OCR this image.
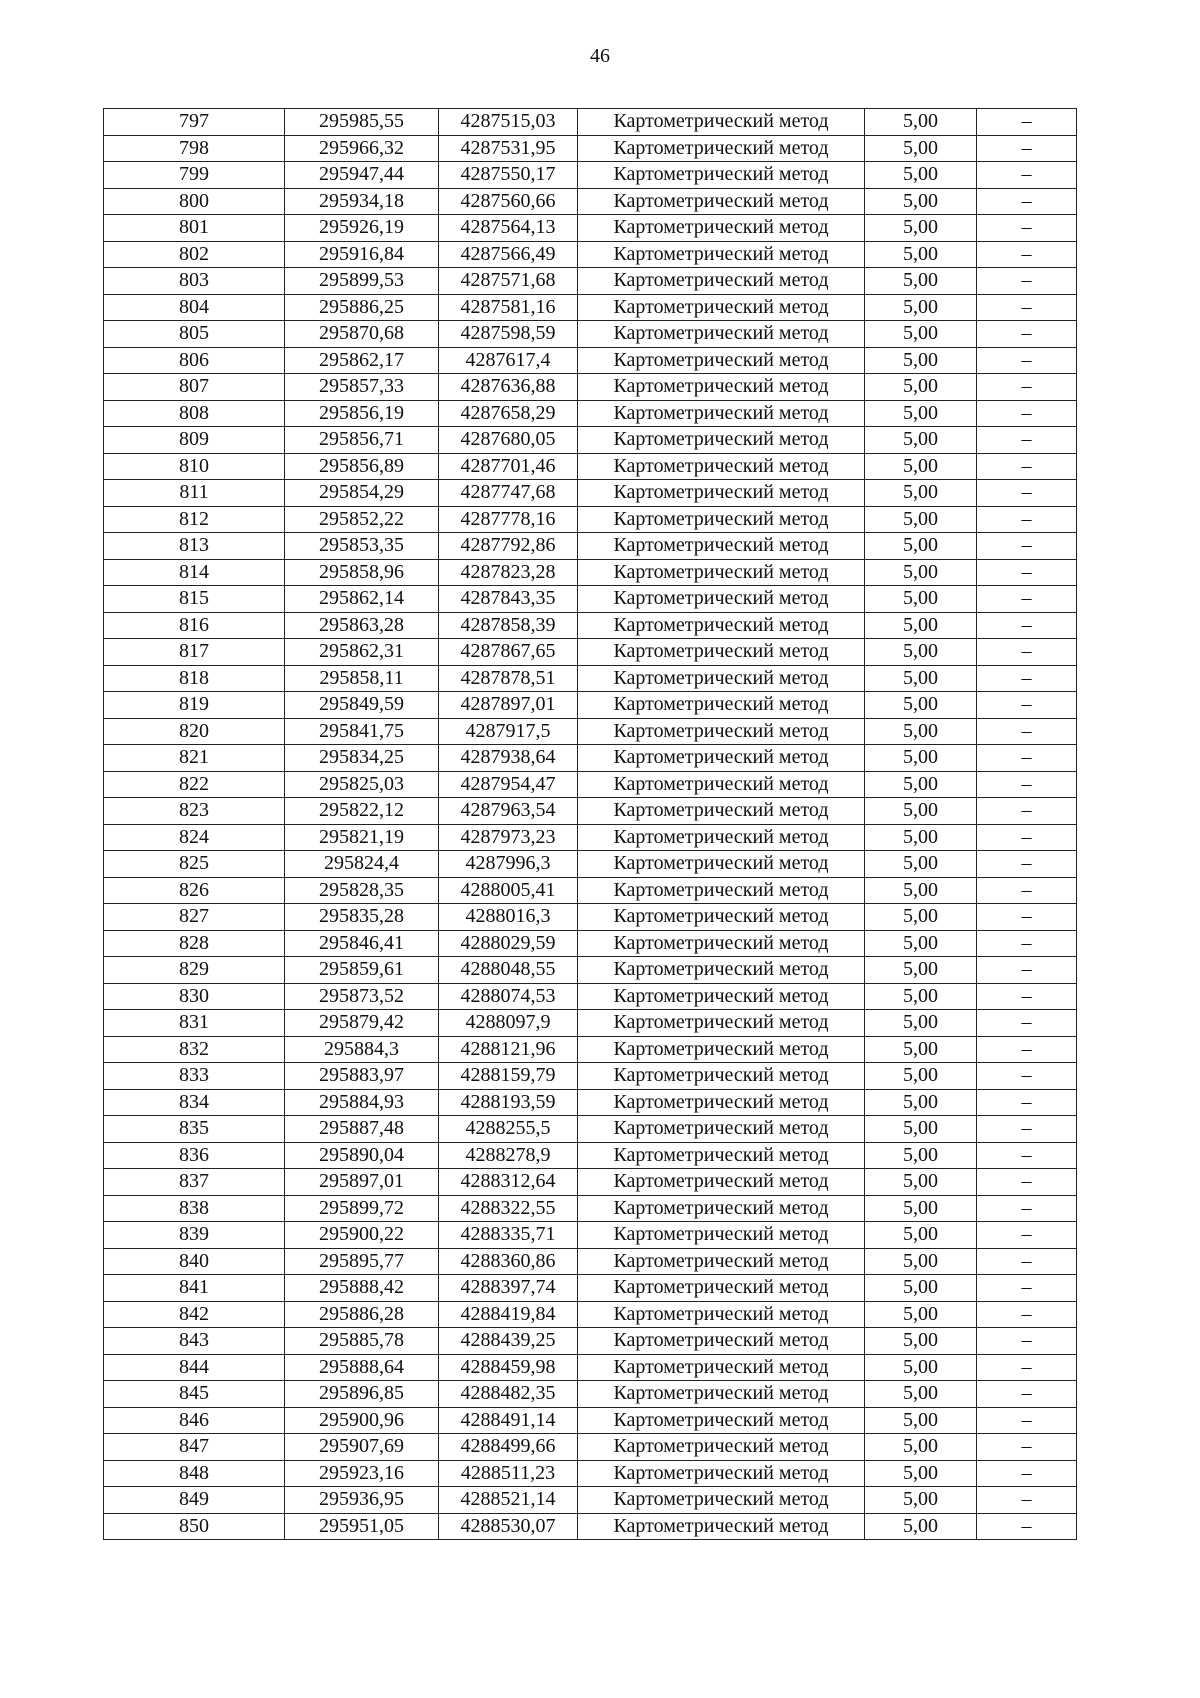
46
797	295985,55	4287515,03	Картометрический метод	5,00	–
798	295966,32	4287531,95	Картометрический метод	5,00	–
799	295947,44	4287550,17	Картометрический метод	5,00	–
800	295934,18	4287560,66	Картометрический метод	5,00	–
801	295926,19	4287564,13	Картометрический метод	5,00	–
802	295916,84	4287566,49	Картометрический метод	5,00	–
803	295899,53	4287571,68	Картометрический метод	5,00	–
804	295886,25	4287581,16	Картометрический метод	5,00	–
805	295870,68	4287598,59	Картометрический метод	5,00	–
806	295862,17	4287617,4	Картометрический метод	5,00	–
807	295857,33	4287636,88	Картометрический метод	5,00	–
808	295856,19	4287658,29	Картометрический метод	5,00	–
809	295856,71	4287680,05	Картометрический метод	5,00	–
810	295856,89	4287701,46	Картометрический метод	5,00	–
811	295854,29	4287747,68	Картометрический метод	5,00	–
812	295852,22	4287778,16	Картометрический метод	5,00	–
813	295853,35	4287792,86	Картометрический метод	5,00	–
814	295858,96	4287823,28	Картометрический метод	5,00	–
815	295862,14	4287843,35	Картометрический метод	5,00	–
816	295863,28	4287858,39	Картометрический метод	5,00	–
817	295862,31	4287867,65	Картометрический метод	5,00	–
818	295858,11	4287878,51	Картометрический метод	5,00	–
819	295849,59	4287897,01	Картометрический метод	5,00	–
820	295841,75	4287917,5	Картометрический метод	5,00	–
821	295834,25	4287938,64	Картометрический метод	5,00	–
822	295825,03	4287954,47	Картометрический метод	5,00	–
823	295822,12	4287963,54	Картометрический метод	5,00	–
824	295821,19	4287973,23	Картометрический метод	5,00	–
825	295824,4	4287996,3	Картометрический метод	5,00	–
826	295828,35	4288005,41	Картометрический метод	5,00	–
827	295835,28	4288016,3	Картометрический метод	5,00	–
828	295846,41	4288029,59	Картометрический метод	5,00	–
829	295859,61	4288048,55	Картометрический метод	5,00	–
830	295873,52	4288074,53	Картометрический метод	5,00	–
831	295879,42	4288097,9	Картометрический метод	5,00	–
832	295884,3	4288121,96	Картометрический метод	5,00	–
833	295883,97	4288159,79	Картометрический метод	5,00	–
834	295884,93	4288193,59	Картометрический метод	5,00	–
835	295887,48	4288255,5	Картометрический метод	5,00	–
836	295890,04	4288278,9	Картометрический метод	5,00	–
837	295897,01	4288312,64	Картометрический метод	5,00	–
838	295899,72	4288322,55	Картометрический метод	5,00	–
839	295900,22	4288335,71	Картометрический метод	5,00	–
840	295895,77	4288360,86	Картометрический метод	5,00	–
841	295888,42	4288397,74	Картометрический метод	5,00	–
842	295886,28	4288419,84	Картометрический метод	5,00	–
843	295885,78	4288439,25	Картометрический метод	5,00	–
844	295888,64	4288459,98	Картометрический метод	5,00	–
845	295896,85	4288482,35	Картометрический метод	5,00	–
846	295900,96	4288491,14	Картометрический метод	5,00	–
847	295907,69	4288499,66	Картометрический метод	5,00	–
848	295923,16	4288511,23	Картометрический метод	5,00	–
849	295936,95	4288521,14	Картометрический метод	5,00	–
850	295951,05	4288530,07	Картометрический метод	5,00	–
